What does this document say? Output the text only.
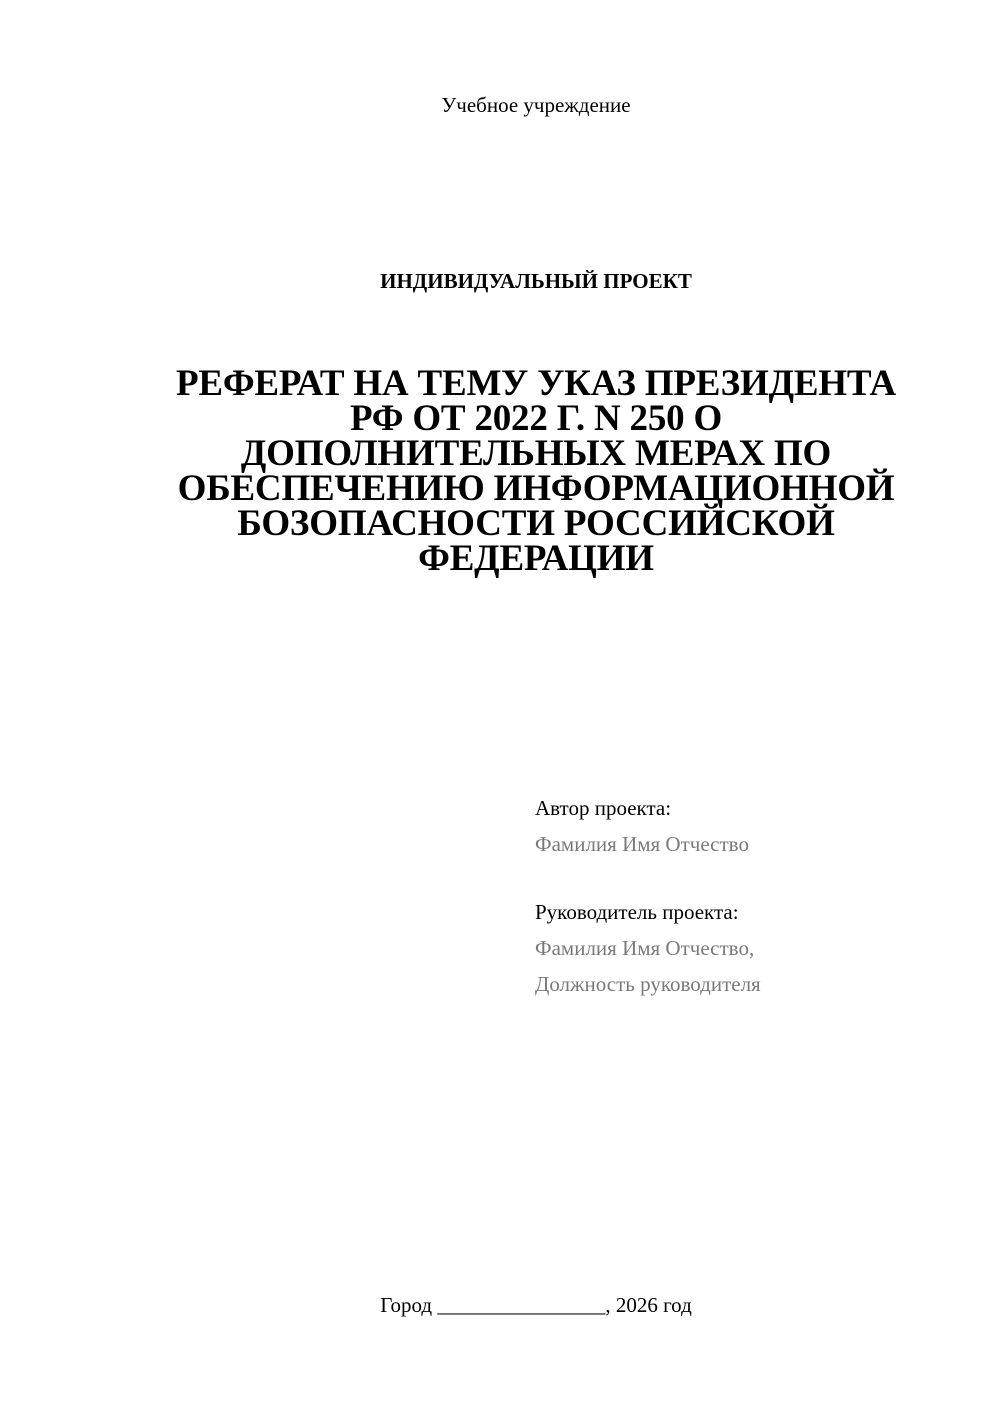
Учебное учреждение
ИНДИВИДУАЛЬНЫЙ ПРОЕКТ
РЕФЕРАТ НА ТЕМУ УКАЗ ПРЕЗИДЕНТА
РФ ОТ 2022 Г. N 250 О
ДОПОЛНИТЕЛЬНЫХ МЕРАХ ПО
ОБЕСПЕЧЕНИЮ ИНФОРМАЦИОННОЙ
БОЗОПАСНОСТИ РОССИЙСКОЙ
ФЕДЕРАЦИИ
Автор проекта:
Фамилия Имя Отчество
Руководитель проекта:
Фамилия Имя Отчество,
Должность руководителя
Город ________________, 2026 год
